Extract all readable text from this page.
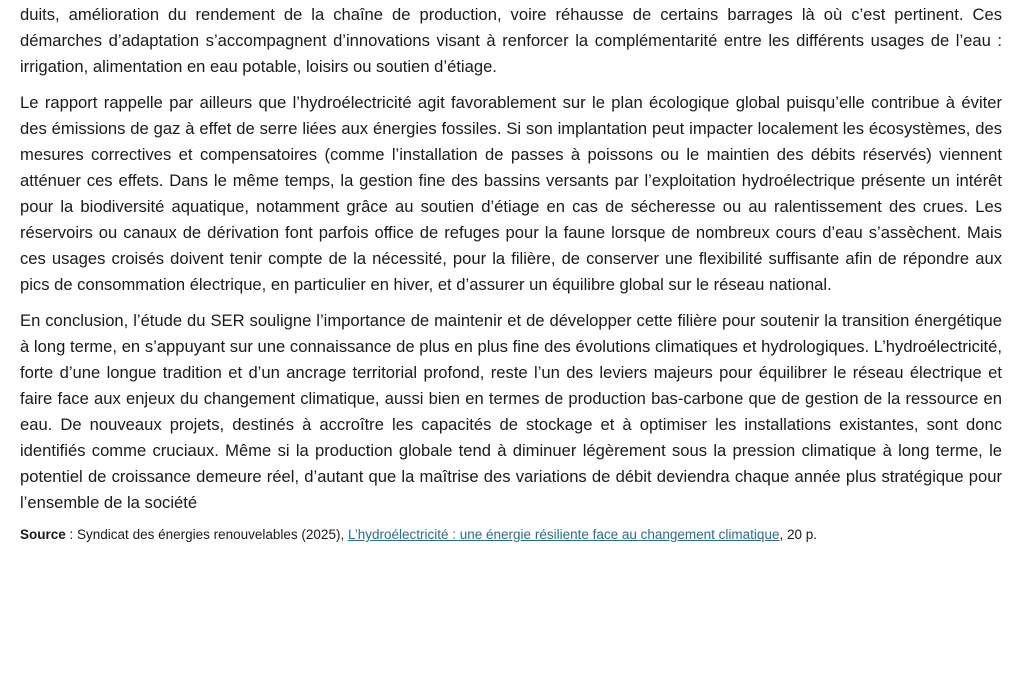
duits, amélioration du rendement de la chaîne de production, voire réhausse de certains barrages là où c’est pertinent. Ces démarches d’adaptation s’accompagnent d’innovations visant à renforcer la complémentarité entre les différents usages de l’eau : irrigation, alimentation en eau potable, loisirs ou soutien d’étiage.

Le rapport rappelle par ailleurs que l’hydroélectricité agit favorablement sur le plan écologique global puisqu’elle contribue à éviter des émissions de gaz à effet de serre liées aux énergies fossiles. Si son implantation peut impacter localement les écosystèmes, des mesures correctives et compensatoires (comme l’installation de passes à poissons ou le maintien des débits réservés) viennent atténuer ces effets. Dans le même temps, la gestion fine des bassins versants par l’exploitation hydroélectrique présente un intérêt pour la biodiversité aquatique, notamment grâce au soutien d’étiage en cas de sécheresse ou au ralentissement des crues. Les réservoirs ou canaux de dérivation font parfois office de refuges pour la faune lorsque de nombreux cours d’eau s’assèchent. Mais ces usages croisés doivent tenir compte de la nécessité, pour la filière, de conserver une flexibilité suffisante afin de répondre aux pics de consommation électrique, en particulier en hiver, et d’assurer un équilibre global sur le réseau national.

En conclusion, l’étude du SER souligne l’importance de maintenir et de développer cette filière pour soutenir la transition énergétique à long terme, en s’appuyant sur une connaissance de plus en plus fine des évolutions climatiques et hydrologiques. L’hydroélectricité, forte d’une longue tradition et d’un ancrage territorial profond, reste l’un des leviers majeurs pour équilibrer le réseau électrique et faire face aux enjeux du changement climatique, aussi bien en termes de production bas-carbone que de gestion de la ressource en eau. De nouveaux projets, destinés à accroître les capacités de stockage et à optimiser les installations existantes, sont donc identifiés comme cruciaux. Même si la production globale tend à diminuer légèrement sous la pression climatique à long terme, le potentiel de croissance demeure réel, d’autant que la maîtrise des variations de débit deviendra chaque année plus stratégique pour l’ensemble de la société

Source : Syndicat des énergies renouvelables (2025), L’hydroélectricité : une énergie résiliente face au changement climatique, 20 p.
